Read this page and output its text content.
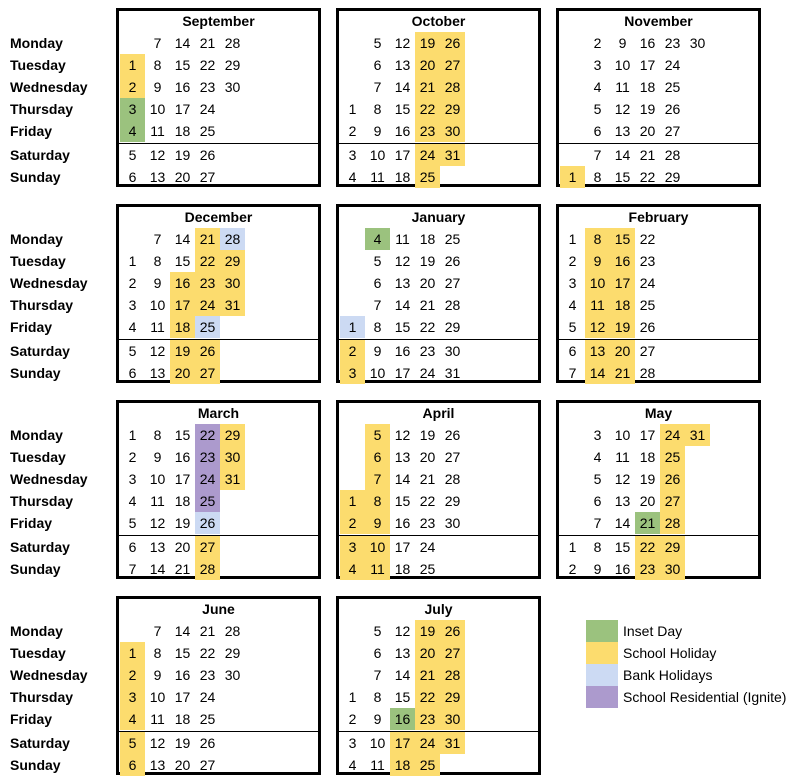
Monday
Tuesday
Wednesday
Thursday
Friday
Saturday
Sunday
Monday
Tuesday
Wednesday
Thursday
Friday
Saturday
Sunday
Monday
Tuesday
Wednesday
Thursday
Friday
Saturday
Sunday
Monday
Tuesday
Wednesday
Thursday
Friday
Saturday
Sunday
September
1
2
3
4
5
6
7
8
9
10
11
12
13
14
15
16
17
18
19
20
21
22
23
24
25
26
27
28
29
30
October
1
2
3
4
5
6
7
8
9
10
11
12
13
14
15
16
17
18
19
20
21
22
23
24
25
26
27
28
29
30
31
November
1
2
3
4
5
6
7
8
9
10
11
12
13
14
15
16
17
18
19
20
21
22
23
24
25
26
27
28
29
30
December
1
2
3
4
5
6
7
8
9
10
11
12
13
14
15
16
17
18
19
20
21
22
23
24
25
26
27
28
29
30
31
January
1
2
3
4
5
6
7
8
9
10
11
12
13
14
15
16
17
18
19
20
21
22
23
24
25
26
27
28
29
30
31
February
1
2
3
4
5
6
7
8
9
10
11
12
13
14
15
16
17
18
19
20
21
22
23
24
25
26
27
28
March
1
2
3
4
5
6
7
8
9
10
11
12
13
14
15
16
17
18
19
20
21
22
23
24
25
26
27
28
29
30
31
April
1
2
3
4
5
6
7
8
9
10
11
12
13
14
15
16
17
18
19
20
21
22
23
24
25
26
27
28
29
30
May
1
2
3
4
5
6
7
8
9
10
11
12
13
14
15
16
17
18
19
20
21
22
23
24
25
26
27
28
29
30
31
June
1
2
3
4
5
6
7
8
9
10
11
12
13
14
15
16
17
18
19
20
21
22
23
24
25
26
27
28
29
30
July
1
2
3
4
5
6
7
8
9
10
11
12
13
14
15
16
17
18
19
20
21
22
23
24
25
26
27
28
29
30
31
Inset Day
School Holiday
Bank Holidays
School Residential (Ignite)
